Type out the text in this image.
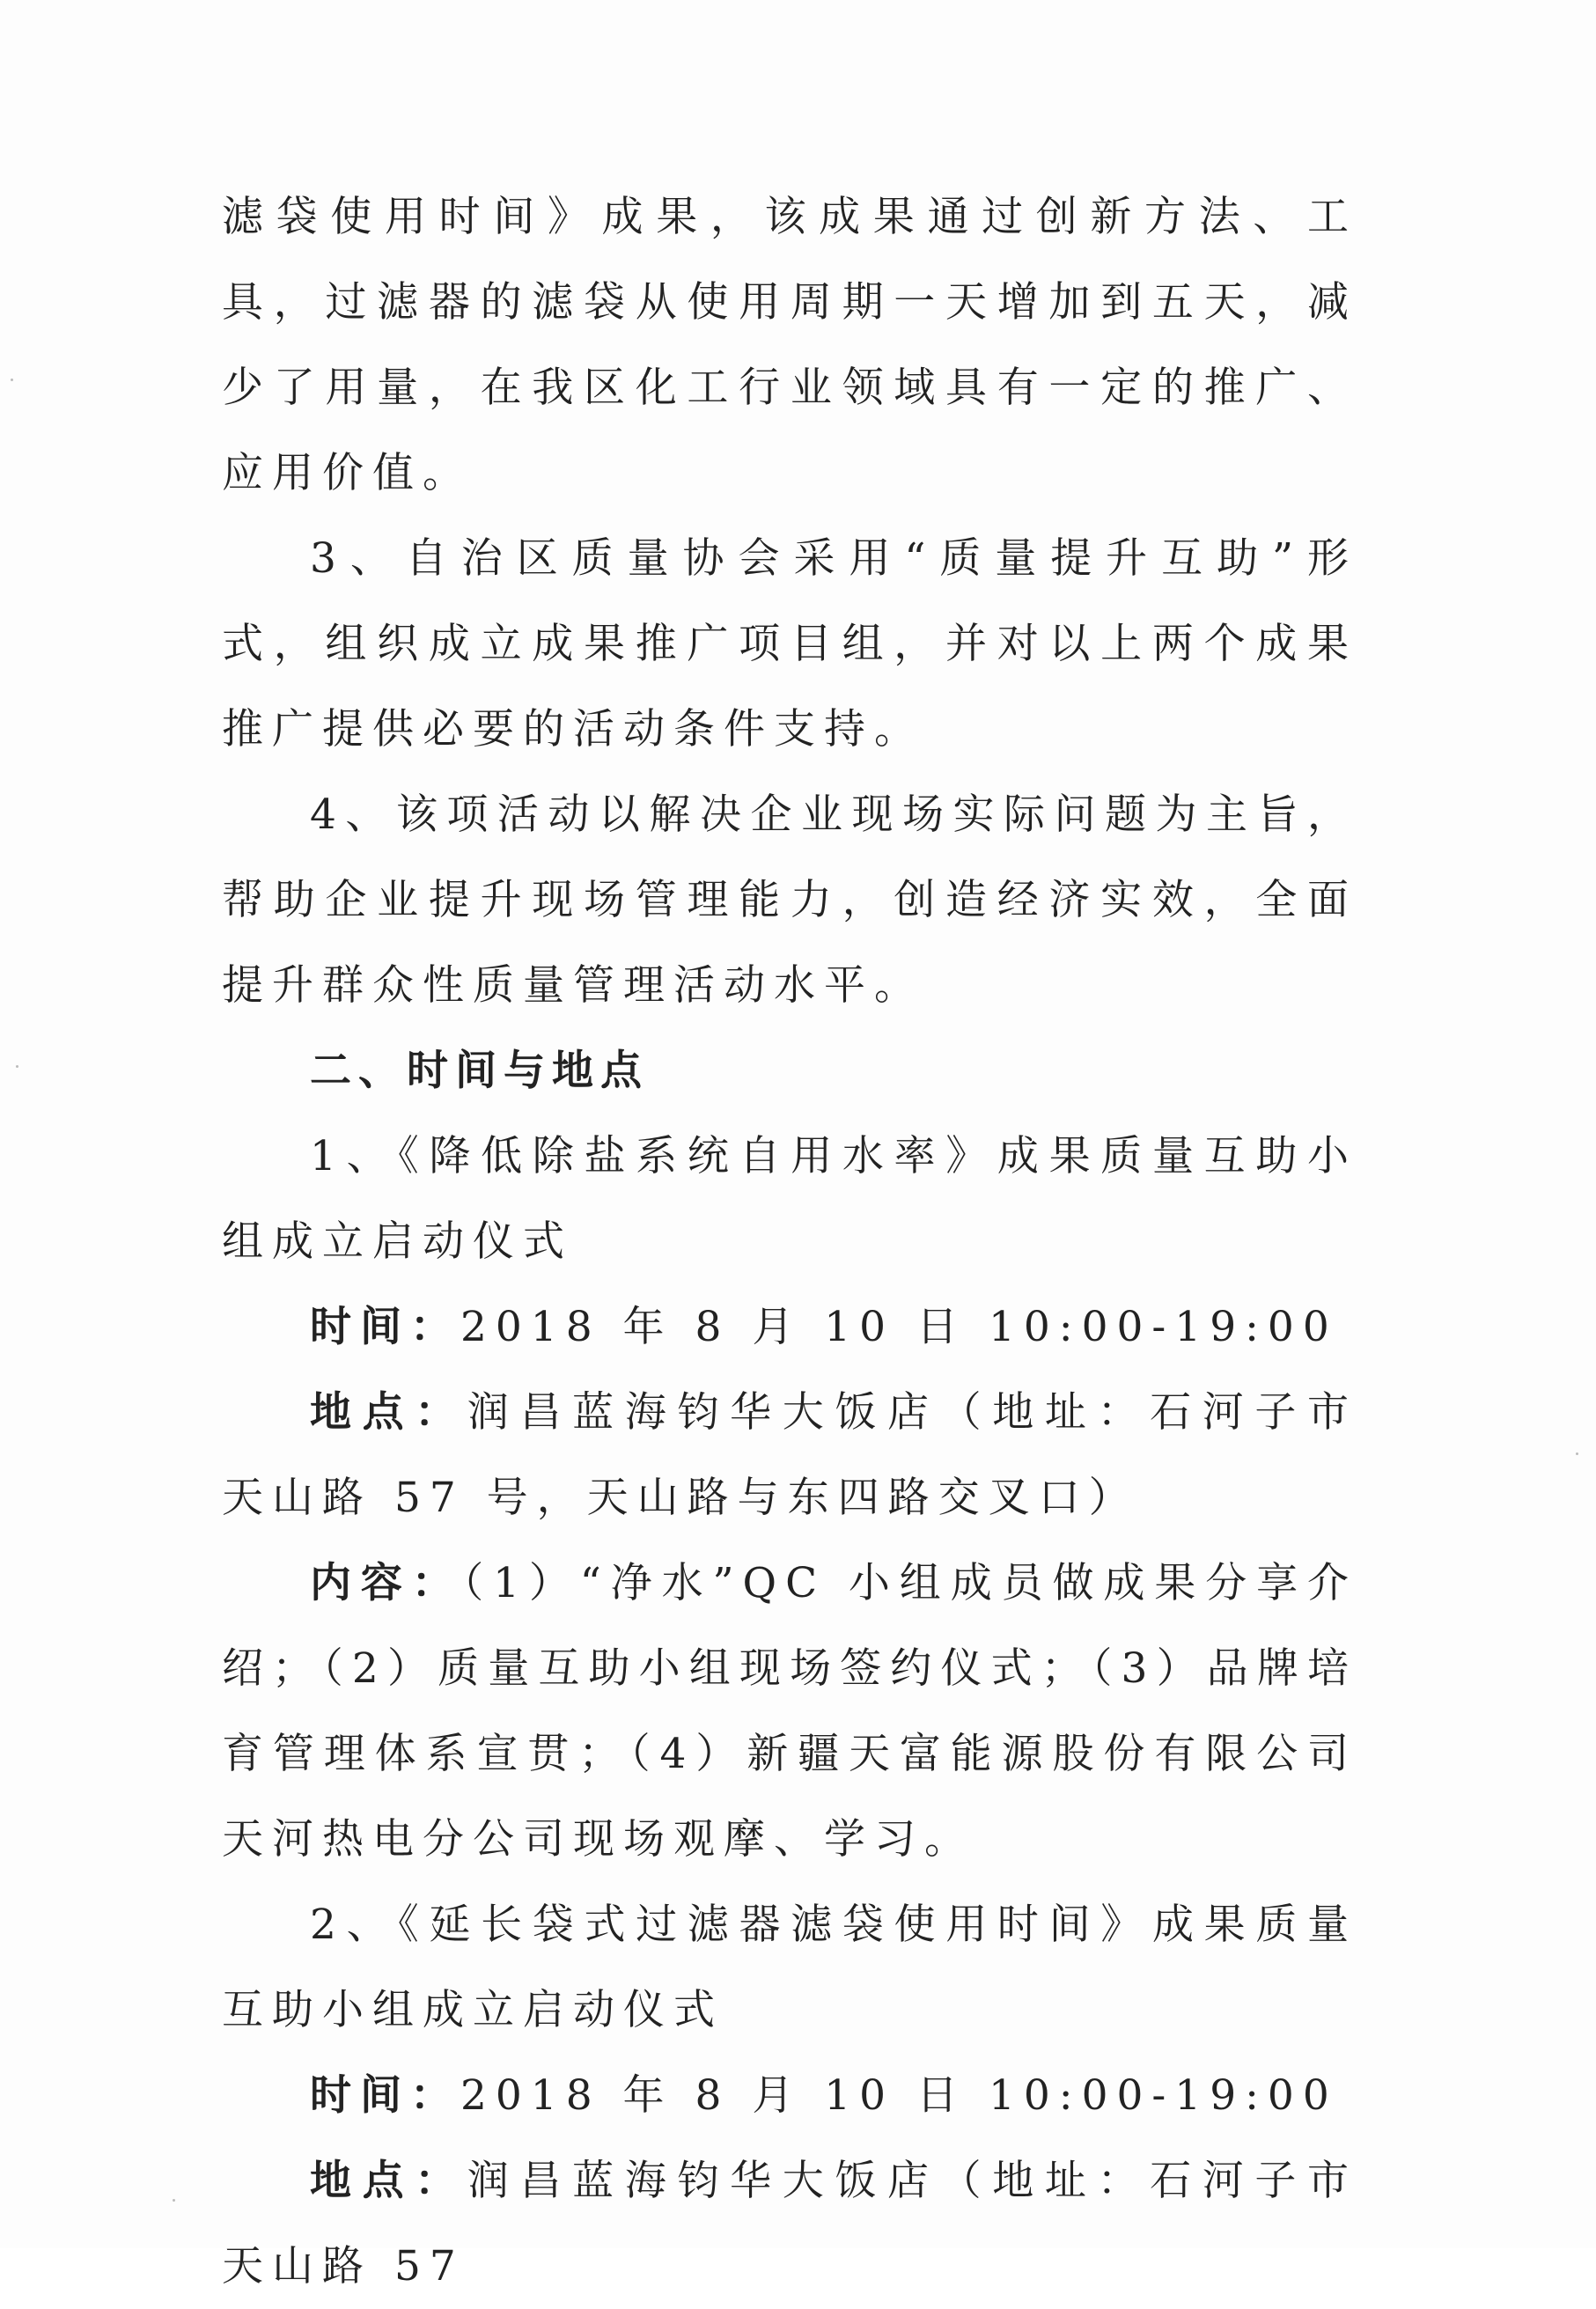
滤袋使用时间》成果，该成果通过创新方法、工具，过滤器的滤袋从使用周期一天增加到五天，减少了用量，在我区化工行业领域具有一定的推广、应用价值。

3、自治区质量协会采用“质量提升互助”形式，组织成立成果推广项目组，并对以上两个成果推广提供必要的活动条件支持。

4、该项活动以解决企业现场实际问题为主旨，帮助企业提升现场管理能力，创造经济实效，全面提升群众性质量管理活动水平。

二、时间与地点

1、《降低除盐系统自用水率》成果质量互助小组成立启动仪式

时间：2018 年 8 月 10 日 10:00-19:00

地点：润昌蓝海钧华大饭店（地址：石河子市天山路 57 号，天山路与东四路交叉口）

内容：（1）“净水”QC 小组成员做成果分享介绍；（2）质量互助小组现场签约仪式；（3）品牌培育管理体系宣贯；（4）新疆天富能源股份有限公司天河热电分公司现场观摩、学习。

2、《延长袋式过滤器滤袋使用时间》成果质量互助小组成立启动仪式

时间：2018 年 8 月 10 日 10:00-19:00

地点：润昌蓝海钧华大饭店（地址：石河子市天山路 57
